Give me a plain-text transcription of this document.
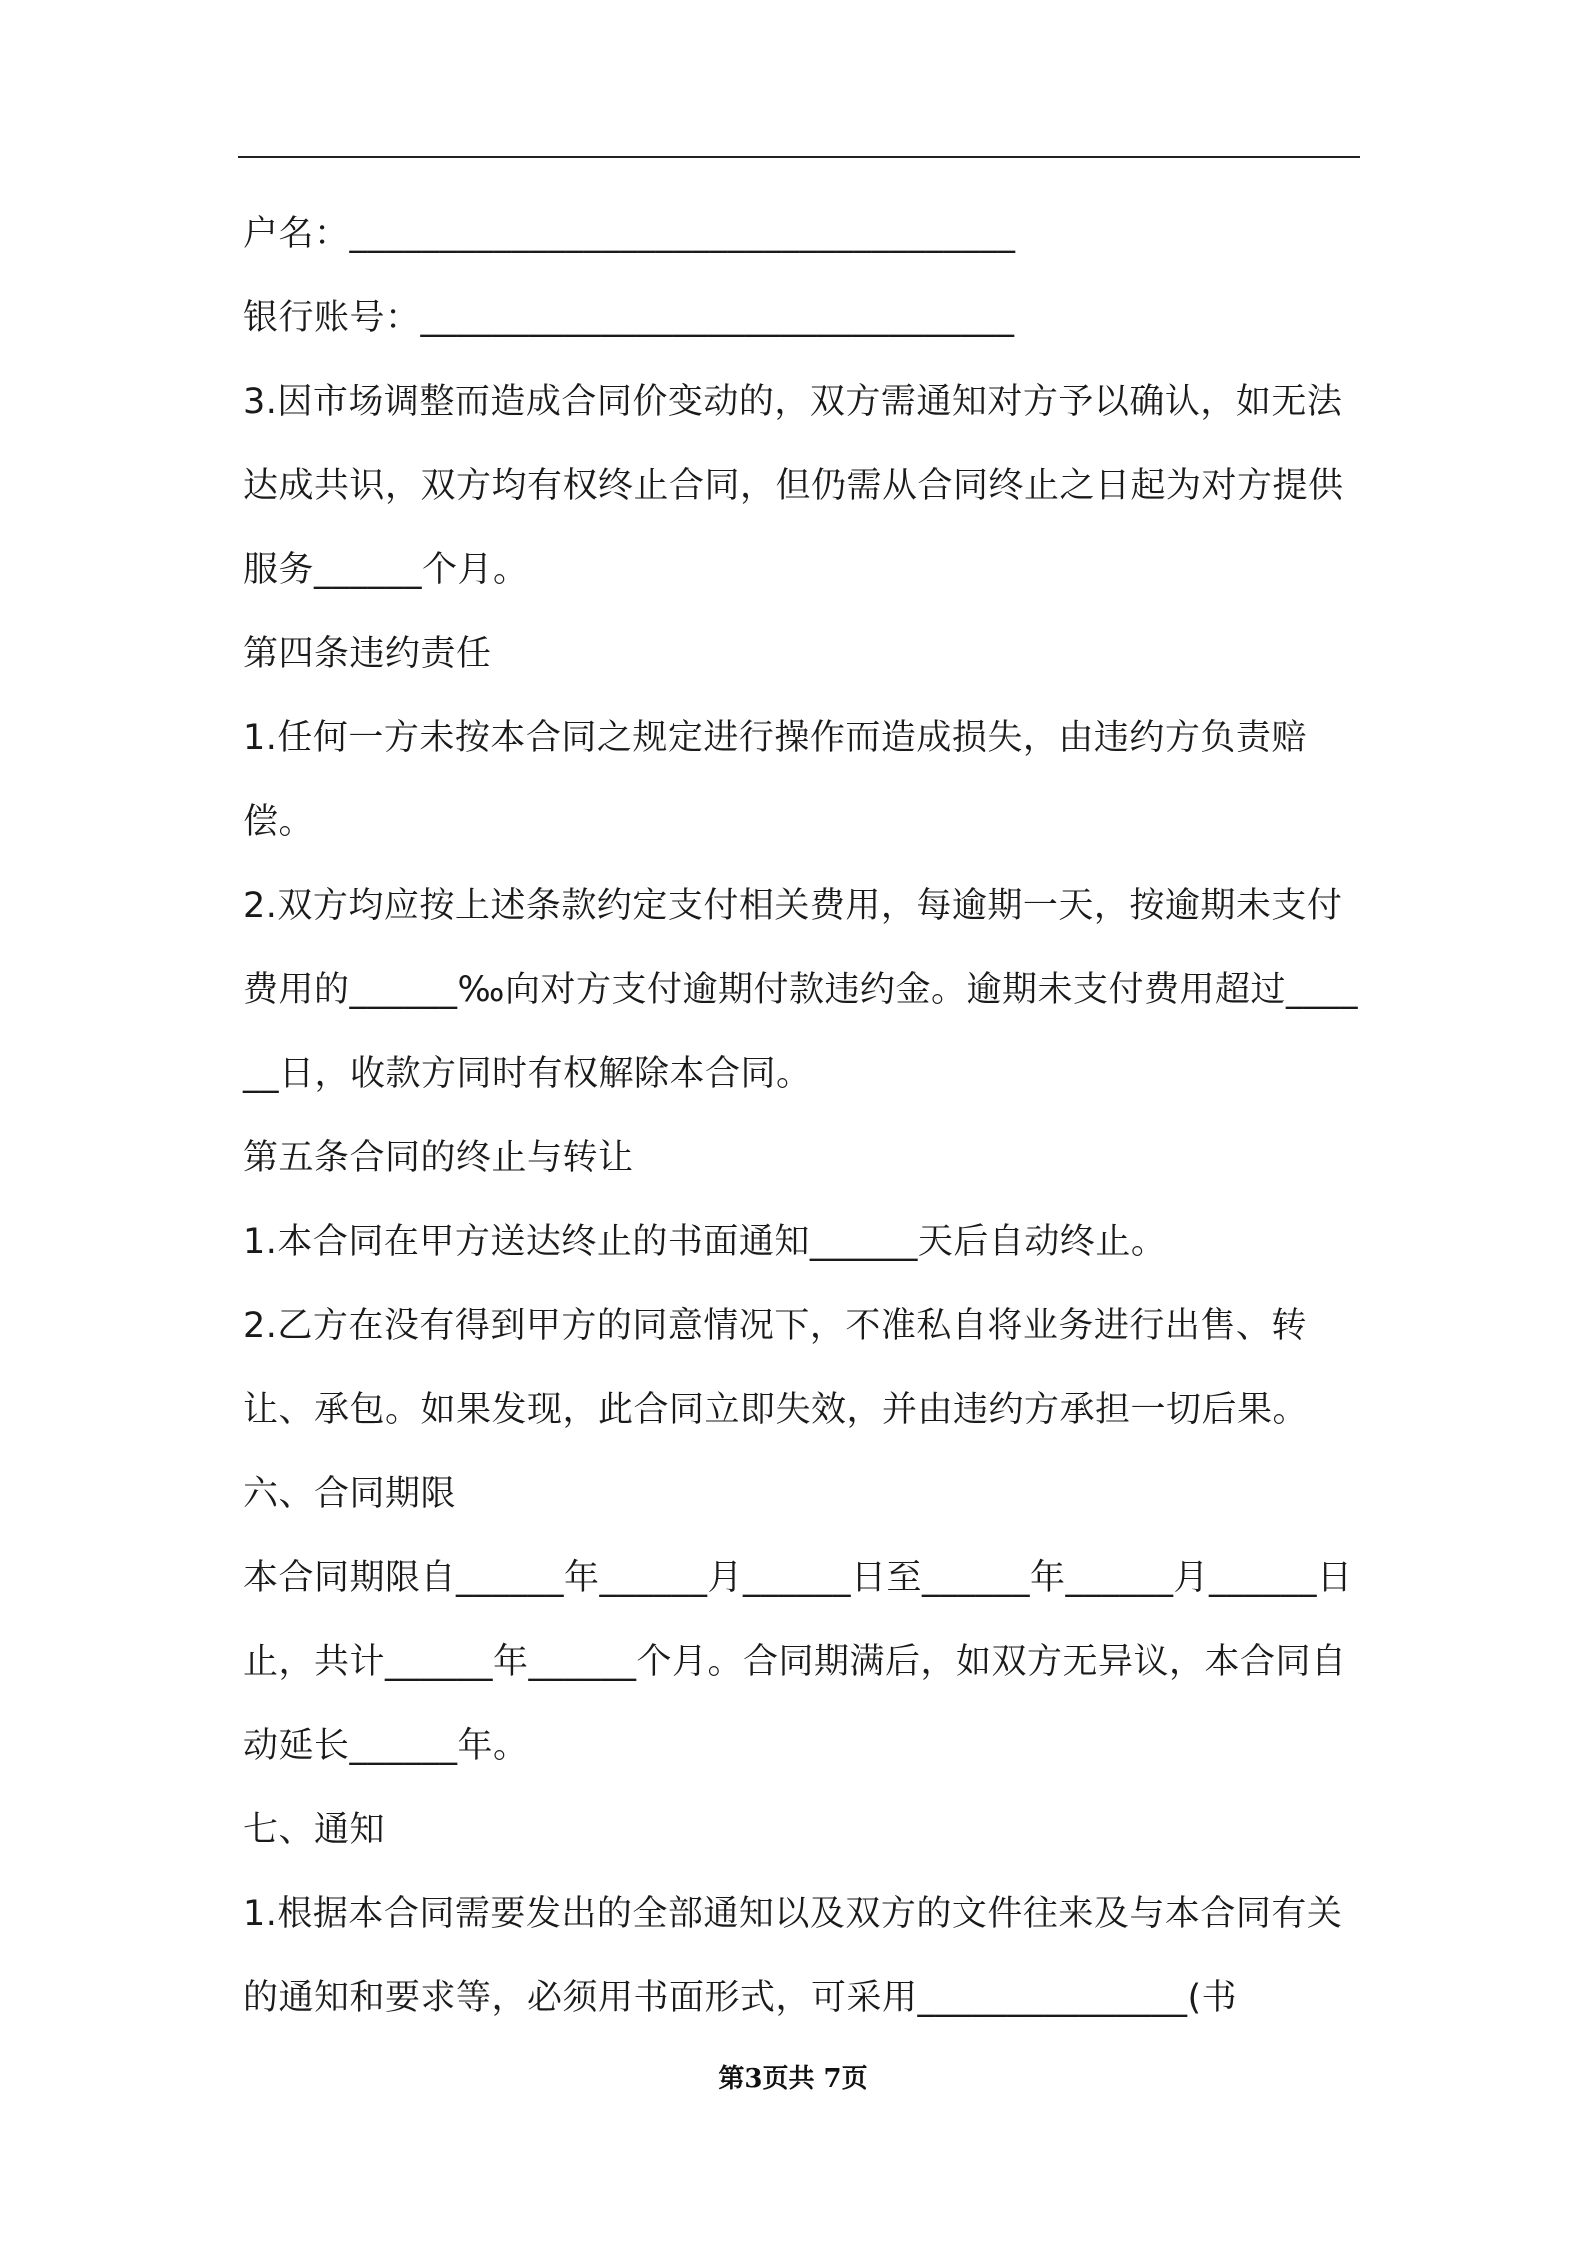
户名：_____________________________________

银行账号：_________________________________

3.因市场调整而造成合同价变动的，双方需通知对方予以确认，如无法达成共识，双方均有权终止合同，但仍需从合同终止之日起为对方提供服务______个月。

第四条违约责任

1.任何一方未按本合同之规定进行操作而造成损失，由违约方负责赔偿。

2.双方均应按上述条款约定支付相关费用，每逾期一天，按逾期未支付费用的______‰向对方支付逾期付款违约金。逾期未支付费用超过______日，收款方同时有权解除本合同。

第五条合同的终止与转让

1.本合同在甲方送达终止的书面通知______天后自动终止。

2.乙方在没有得到甲方的同意情况下，不准私自将业务进行出售、转让、承包。如果发现，此合同立即失效，并由违约方承担一切后果。

六、合同期限

本合同期限自______年______月______日至______年______月______日止，共计______年______个月。合同期满后，如双方无异议，本合同自动延长______年。

七、通知

1.根据本合同需要发出的全部通知以及双方的文件往来及与本合同有关的通知和要求等，必须用书面形式，可采用_______________(书

第3页共 7页
